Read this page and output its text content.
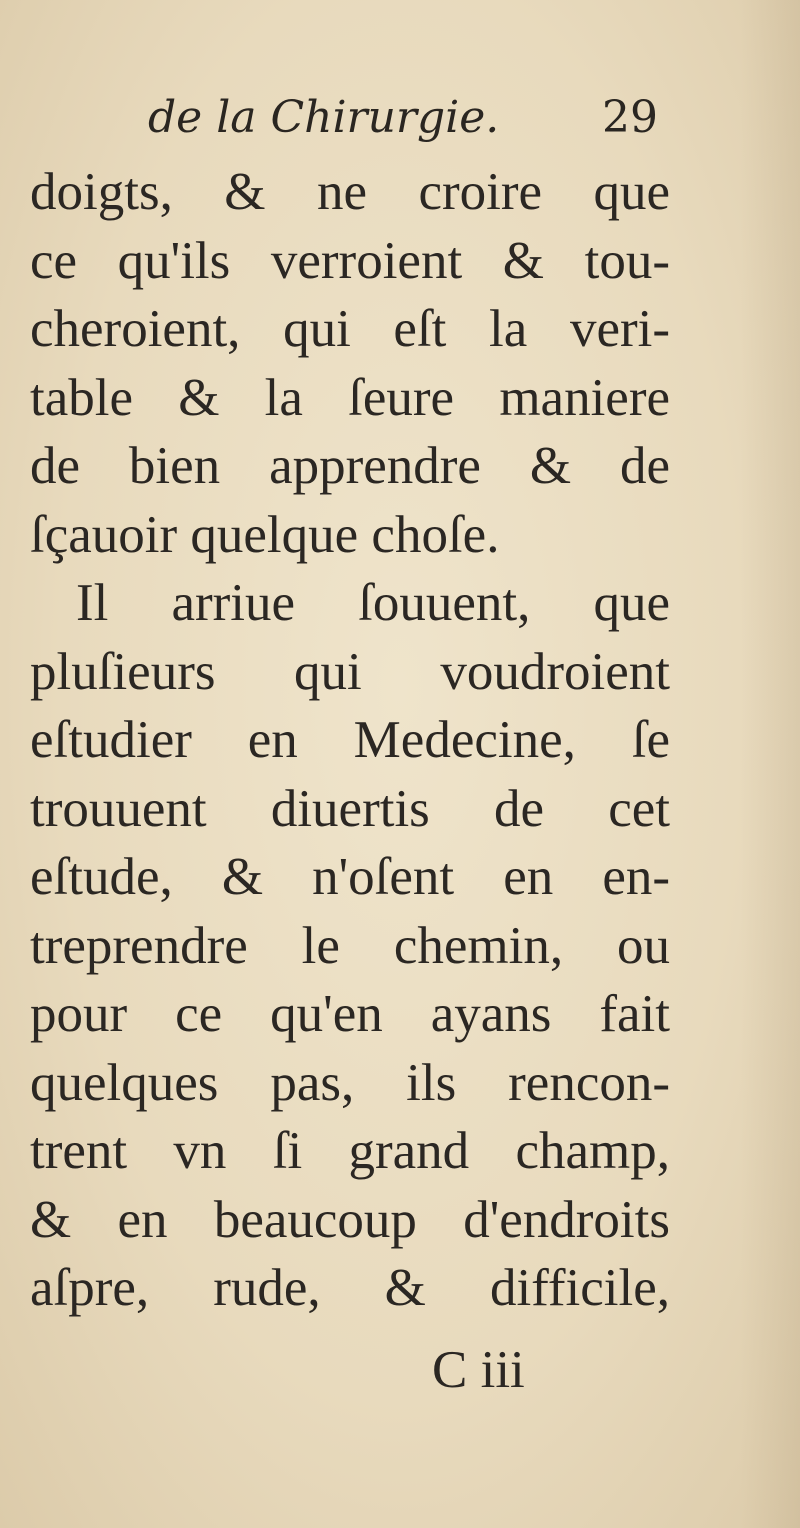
de la Chirurgie. 29
doigts, & ne croire que
ce qu'ils verroient & tou-
cheroient, qui eſt la veri-
table & la ſeure maniere
de bien apprendre & de
ſçauoir quelque choſe.
Il arriue ſouuent, que
pluſieurs qui voudroient
eſtudier en Medecine, ſe
trouuent diuertis de cet
eſtude, & n'oſent en en-
treprendre le chemin, ou
pour ce qu'en ayans fait
quelques pas, ils rencon-
trent vn ſi grand champ,
& en beaucoup d'endroits
aſpre, rude, & difficile,
C iii
